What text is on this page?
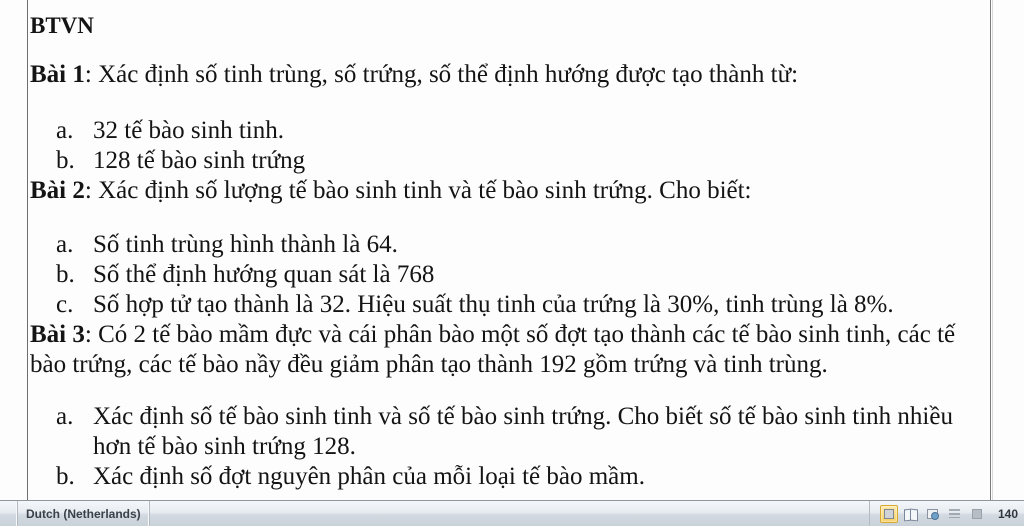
BTVN

Bài 1: Xác định số tinh trùng, số trứng, số thể định hướng được tạo thành từ:

a. 32 tế bào sinh tinh.
b. 128 tế bào sinh trứng

Bài 2: Xác định số lượng tế bào sinh tinh và tế bào sinh trứng. Cho biết:

a. Số tinh trùng hình thành là 64.
b. Số thể định hướng quan sát là 768
c. Số hợp tử tạo thành là 32. Hiệu suất thụ tinh của trứng là 30%, tinh trùng là 8%.

Bài 3: Có 2 tế bào mầm đực và cái phân bào một số đợt tạo thành các tế bào sinh tinh, các tế bào trứng, các tế bào nầy đều giảm phân tạo thành 192 gồm trứng và tinh trùng.

a. Xác định số tế bào sinh tinh và số tế bào sinh trứng. Cho biết số tế bào sinh tinh nhiều hơn tế bào sinh trứng 128.
b. Xác định số đợt nguyên phân của mỗi loại tế bào mầm.
Dutch (Netherlands)	140
